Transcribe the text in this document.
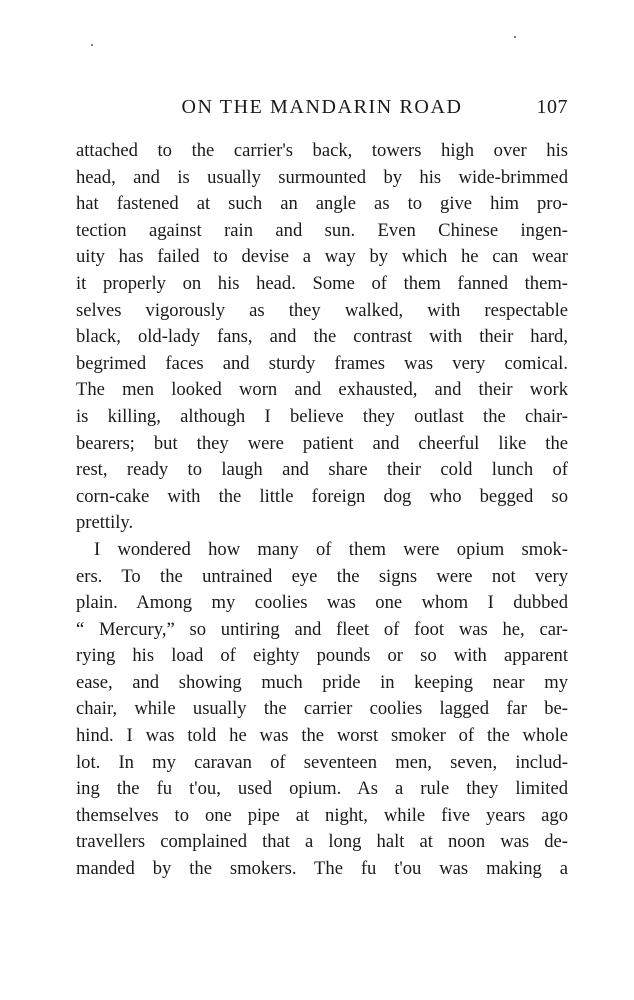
ON THE MANDARIN ROAD	107
attached to the carrier's back, towers high over his
head, and is usually surmounted by his wide-brimmed
hat fastened at such an angle as to give him pro-
tection against rain and sun. Even Chinese ingen-
uity has failed to devise a way by which he can wear
it properly on his head. Some of them fanned them-
selves vigorously as they walked, with respectable
black, old-lady fans, and the contrast with their hard,
begrimed faces and sturdy frames was very comical.
The men looked worn and exhausted, and their work
is killing, although I believe they outlast the chair-
bearers; but they were patient and cheerful like the
rest, ready to laugh and share their cold lunch of
corn-cake with the little foreign dog who begged so
prettily.
I wondered how many of them were opium smok-
ers. To the untrained eye the signs were not very
plain. Among my coolies was one whom I dubbed
“ Mercury,” so untiring and fleet of foot was he, car-
rying his load of eighty pounds or so with apparent
ease, and showing much pride in keeping near my
chair, while usually the carrier coolies lagged far be-
hind. I was told he was the worst smoker of the whole
lot. In my caravan of seventeen men, seven, includ-
ing the fu t'ou, used opium. As a rule they limited
themselves to one pipe at night, while five years ago
travellers complained that a long halt at noon was de-
manded by the smokers. The fu t'ou was making a
